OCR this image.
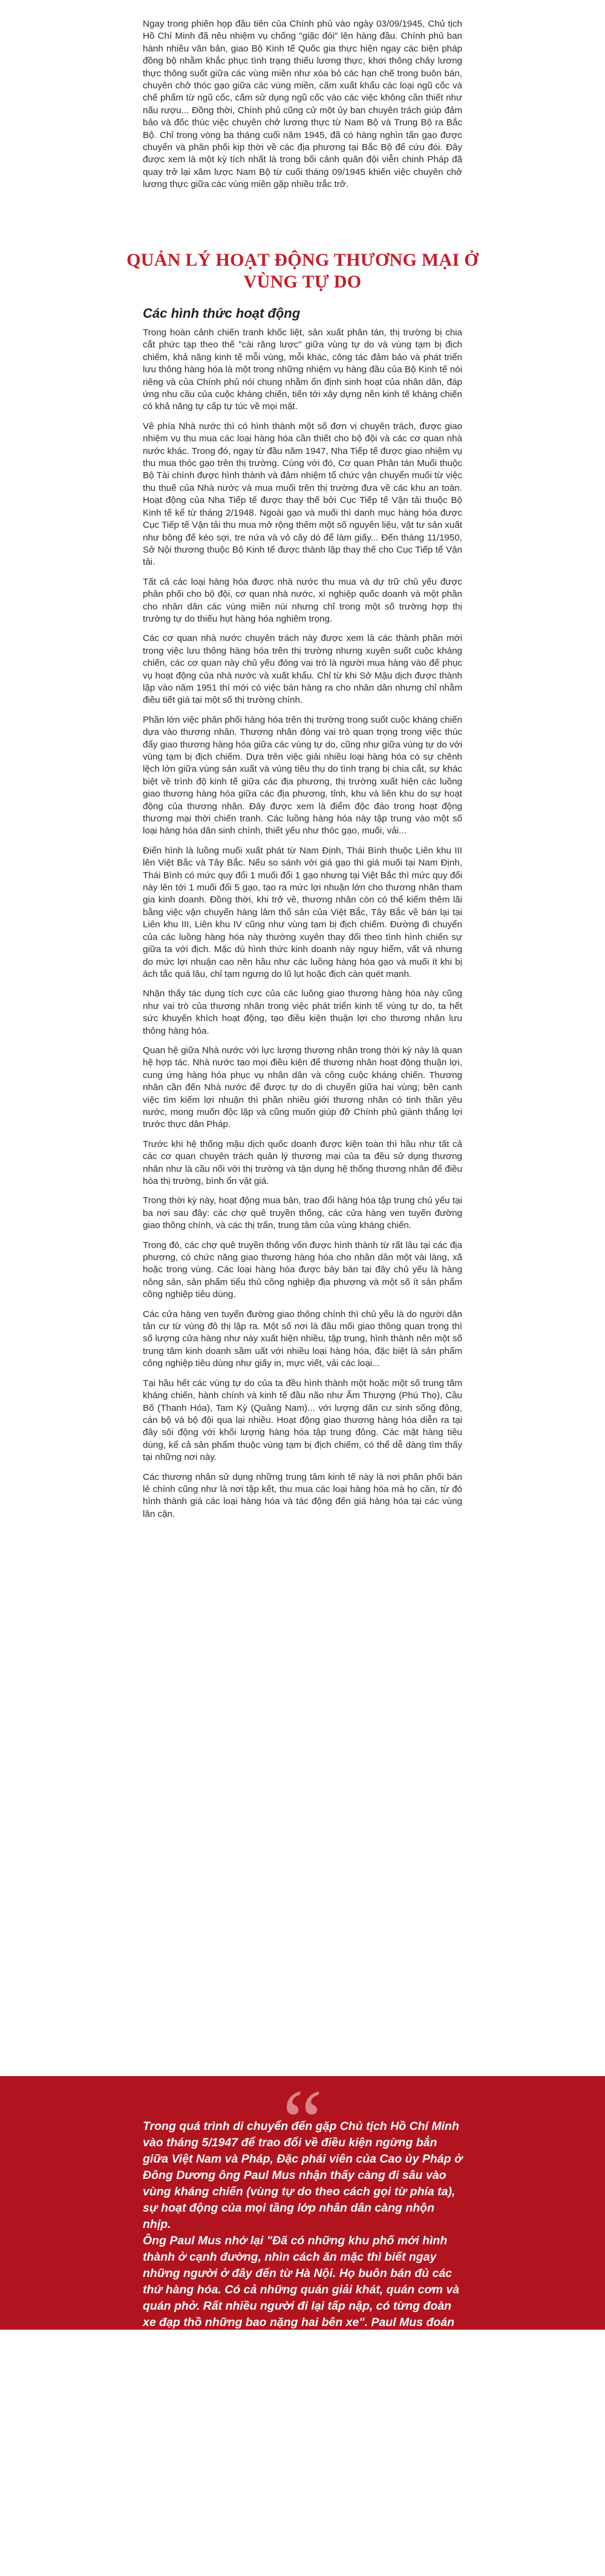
Ngay trong phiên họp đầu tiên của Chính phủ vào ngày 03/09/1945, Chủ tịch Hồ Chí Minh đã nêu nhiệm vụ chống "giặc đói" lên hàng đầu. Chính phủ ban hành nhiều văn bản, giao Bộ Kinh tế Quốc gia thực hiện ngay các biện pháp đồng bộ nhằm khắc phục tình trạng thiếu lương thực, khơi thông chảy lương thực thông suốt giữa các vùng miền như xóa bỏ các hạn chế trong buôn bán, chuyên chở thóc gạo giữa các vùng miền, cấm xuất khẩu các loại ngũ cốc và chế phẩm từ ngũ cốc, cấm sử dụng ngũ cốc vào các việc không cần thiết như nấu rượu... Đồng thời, Chính phủ cũng cử một ủy ban chuyên trách giúp đảm bảo và đốc thúc việc chuyên chở lương thực từ Nam Bộ và Trung Bộ ra Bắc Bộ. Chỉ trong vòng ba tháng cuối năm 1945, đã có hàng nghìn tấn gạo được chuyển và phân phối kịp thời về các địa phương tại Bắc Bộ để cứu đói. Đây được xem là một kỳ tích nhất là trong bối cảnh quân đội viễn chinh Pháp đã quay trở lại xâm lược Nam Bộ từ cuối tháng 09/1945 khiến việc chuyên chở lương thực giữa các vùng miền gặp nhiều trắc trở.

QUẢN LÝ HOẠT ĐỘNG THƯƠNG MẠI Ở VÙNG TỰ DO
Các hình thức hoạt động

Trong hoàn cảnh chiến tranh khốc liệt, sản xuất phân tán, thị trường bị chia cắt phức tạp theo thế "cài răng lược" giữa vùng tự do và vùng tạm bị địch chiếm, khả năng kinh tế mỗi vùng, mỗi khác, công tác đảm bảo và phát triển lưu thông hàng hóa là một trong những nhiệm vụ hàng đầu của Bộ Kinh tế nói riêng và của Chính phủ nói chung nhằm ổn định sinh hoạt của nhân dân, đáp ứng nhu cầu của cuộc kháng chiến, tiến tới xây dựng nền kinh tế kháng chiến có khả năng tự cấp tự túc về mọi mặt.

Về phía Nhà nước thì có hình thành một số đơn vị chuyên trách, được giao nhiệm vụ thu mua các loại hàng hóa cần thiết cho bộ đội và các cơ quan nhà nước khác. Trong đó, ngay từ đầu năm 1947, Nha Tiếp tế được giao nhiệm vụ thu mua thóc gạo trên thị trường. Cùng với đó, Cơ quan Phân tán Muối thuộc Bộ Tài chính được hình thành và đảm nhiệm tổ chức vận chuyển muối từ việc thu thuế của Nhà nước và mua muối trên thị trường đưa về các khu an toàn. Hoạt động của Nha Tiếp tế được thay thế bởi Cục Tiếp tế Vận tải thuộc Bộ Kinh tế kể từ tháng 2/1948. Ngoài gạo và muối thì danh mục hàng hóa được Cục Tiếp tế Vận tải thu mua mở rộng thêm một số nguyên liệu, vật tư sản xuất như bông để kéo sợi, tre nứa và vỏ cây dó để làm giấy... Đến tháng 11/1950, Sở Nội thương thuộc Bộ Kinh tế được thành lập thay thế cho Cục Tiếp tế Vận tải.

Tất cả các loại hàng hóa được nhà nước thu mua và dự trữ chủ yếu được phân phối cho bộ đội, cơ quan nhà nước, xí nghiệp quốc doanh và một phần cho nhân dân các vùng miền núi nhưng chỉ trong một số trường hợp thị trường tự do thiếu hụt hàng hóa nghiêm trọng.

Các cơ quan nhà nước chuyên trách này được xem là các thành phần mới trong việc lưu thông hàng hóa trên thị trường nhưng xuyên suốt cuộc kháng chiến, các cơ quan này chủ yếu đóng vai trò là người mua hàng vào để phục vụ hoạt động của nhà nước và xuất khẩu. Chỉ từ khi Sở Mậu dịch được thành lập vào năm 1951 thì mới có việc bán hàng ra cho nhân dân nhưng chỉ nhằm điều tiết giá tại một số thị trường chính.

Phần lớn việc phân phối hàng hóa trên thị trường trong suốt cuộc kháng chiến dựa vào thương nhân. Thương nhân đóng vai trò quan trọng trong việc thúc đẩy giao thương hàng hóa giữa các vùng tự do, cũng như giữa vùng tự do với vùng tạm bị địch chiếm. Dựa trên việc giải nhiều loại hàng hóa có sự chênh lệch lớn giữa vùng sản xuất và vùng tiêu thụ do tình trạng bị chia cắt, sự khác biệt về trình độ kinh tế giữa các địa phương, thị trường xuất hiện các luồng giao thương hàng hóa giữa các địa phương, tỉnh, khu và liên khu do sự hoạt động của thương nhân. Đây được xem là điểm độc đáo trong hoạt động thương mại thời chiến tranh. Các luồng hàng hóa này tập trung vào một số loại hàng hóa dân sinh chính, thiết yếu như thóc gạo, muối, vải...

Điển hình là luồng muối xuất phát từ Nam Định, Thái Bình thuộc Liên khu III lên Việt Bắc và Tây Bắc. Nếu so sánh với giá gạo thì giá muối tại Nam Định, Thái Bình có mức quy đổi 1 muối đổi 1 gạo nhưng tại Việt Bắc thì mức quy đổi này lên tới 1 muối đổi 5 gạo, tạo ra mức lợi nhuận lớn cho thương nhân tham gia kinh doanh. Đồng thời, khi trở về, thương nhân còn có thể kiếm thêm lãi bằng việc vận chuyển hàng lâm thổ sản của Việt Bắc, Tây Bắc về bán lại tại Liên khu III, Liên khu IV cũng như vùng tạm bị địch chiếm. Đường đi chuyển của các luồng hàng hóa này thường xuyên thay đổi theo tình hình chiến sự giữa ta với địch. Mặc dù hình thức kinh doanh này nguy hiểm, vất vả nhưng do mức lợi nhuận cao nên hầu như các luồng hàng hóa gạo và muối ít khi bị ách tắc quá lâu, chỉ tạm ngưng do lũ lụt hoặc địch càn quét mạnh.

Nhận thấy tác dụng tích cực của các luồng giao thương hàng hóa này cũng như vai trò của thương nhân trong việc phát triển kinh tế vùng tự do, ta hết sức khuyến khích hoạt động, tạo điều kiện thuận lợi cho thương nhân lưu thông hàng hóa.

Quan hệ giữa Nhà nước với lực lượng thương nhân trong thời kỳ này là quan hệ hợp tác. Nhà nước tạo mọi điều kiện để thương nhân hoạt động thuận lợi, cung ứng hàng hóa phục vụ nhân dân và công cuộc kháng chiến. Thương nhân cần đến Nhà nước để được tự do di chuyển giữa hai vùng; bên cạnh việc tìm kiếm lợi nhuận thì phần nhiều giới thương nhân có tinh thần yêu nước, mong muốn độc lập và cũng muốn giúp đỡ Chính phủ giành thắng lợi trước thực dân Pháp.

Trước khi hệ thống mậu dịch quốc doanh được kiện toàn thì hầu như tất cả các cơ quan chuyên trách quản lý thương mại của ta đều sử dụng thương nhân như là cầu nối với thị trường và tận dụng hệ thống thương nhân để điều hòa thị trường, bình ổn vật giá.

Trong thời kỳ này, hoạt động mua bán, trao đổi hàng hóa tập trung chủ yếu tại ba nơi sau đây: các chợ quê truyền thống, các cửa hàng ven tuyến đường giao thông chính, và các thị trấn, trung tâm của vùng kháng chiến.

Trong đó, các chợ quê truyền thống vốn được hình thành từ rất lâu tại các địa phương, có chức năng giao thương hàng hóa cho nhân dân một vài làng, xã hoặc trong vùng. Các loại hàng hóa được bày bán tại đây chủ yếu là hàng nông sản, sản phẩm tiểu thủ công nghiệp địa phương và một số ít sản phẩm công nghiệp tiêu dùng.

Các cửa hàng ven tuyến đường giao thông chính thì chủ yếu là do người dân tản cư từ vùng đô thị lập ra. Một số nơi là đầu mối giao thông quan trọng thì số lượng cửa hàng như này xuất hiện nhiều, tập trung, hình thành nên một số trung tâm kinh doanh sầm uất với nhiều loại hàng hóa, đặc biệt là sản phẩm công nghiệp tiêu dùng như giấy in, mực viết, vải các loại...

Tại hầu hết các vùng tự do của ta đều hình thành một hoặc một số trung tâm kháng chiến, hành chính và kinh tế đầu não như Ấm Thượng (Phú Thọ), Cầu Bố (Thanh Hóa), Tam Kỳ (Quảng Nam)... với lượng dân cư sinh sống đông, cán bộ và bộ đội qua lại nhiều. Hoạt động giao thương hàng hóa diễn ra tại đây sôi động với khối lượng hàng hóa tập trung đông. Các mặt hàng tiêu dùng, kể cả sản phẩm thuộc vùng tạm bị địch chiếm, có thể dễ dàng tìm thấy tại những nơi này.

Các thương nhân sử dụng những trung tâm kinh tế này là nơi phân phối bán lẻ chính cũng như là nơi tập kết, thu mua các loại hàng hóa mà họ cần, từ đó hình thành giá các loại hàng hóa và tác động đến giá hàng hóa tại các vùng lân cận.

“

Trong quá trình di chuyển đến gặp Chủ tịch Hồ Chí Minh vào tháng 5/1947 để trao đổi về điều kiện ngừng bắn giữa Việt Nam và Pháp, Đặc phái viên của Cao ủy Pháp ở Đông Dương ông Paul Mus nhận thấy càng đi sâu vào vùng kháng chiến (vùng tự do theo cách gọi từ phía ta), sự hoạt động của mọi tầng lớp nhân dân càng nhộn nhịp.

Ông Paul Mus nhớ lại "Đã có những khu phố mới hình thành ở cạnh đường, nhìn cách ăn mặc thì biết ngay những người ở đây đến từ Hà Nội. Họ buôn bán đủ các thứ hàng hóa. Có cả những quán giải khát, quán cơm và quán phở. Rất nhiều người đi lại tấp nập, có từng đoàn xe đạp thồ những bao nặng hai bên xe". Paul Mus đoán những kiện hàng này là gạo hoặc muối - hai thứ mặt hàng cực kỳ thiết yếu tại Việt Bắc nói riêng và vùng tự do nói chung. Nhiều lần qua những ngã tư, có dân quân ngăn đường, để bộ đội hành quân, Paul Mus và những người đi đường phải đợi rất lâu. Đi trong đêm tối các khách bộ hành mang nặng hàng hóa, nhưng họ vẫn cười nói vui vẻ.

Một đêm, trước khi gặp Chủ tịch Hồ Chí Minh vào ngày 12/05/1947, ông Paul Mus cho biết được dẫn vào xem một đô thị. Đô thị cũ đã bị phá nhưng nhiều phố có nhiều nhà mới làm bằng tre lợp lá cọ. Nhà nào cũng thắp đèn sáng để bán hàng. Rất đông người đi lại mua bán. Một đô thị buôn bán sầm uất như những khu phố ở ngoại thành Hà Nội mà Paul Mus đã biết. Mãi về sau, Paul Mus mới biết nơi đó là thị xã Thái Nguyên.
